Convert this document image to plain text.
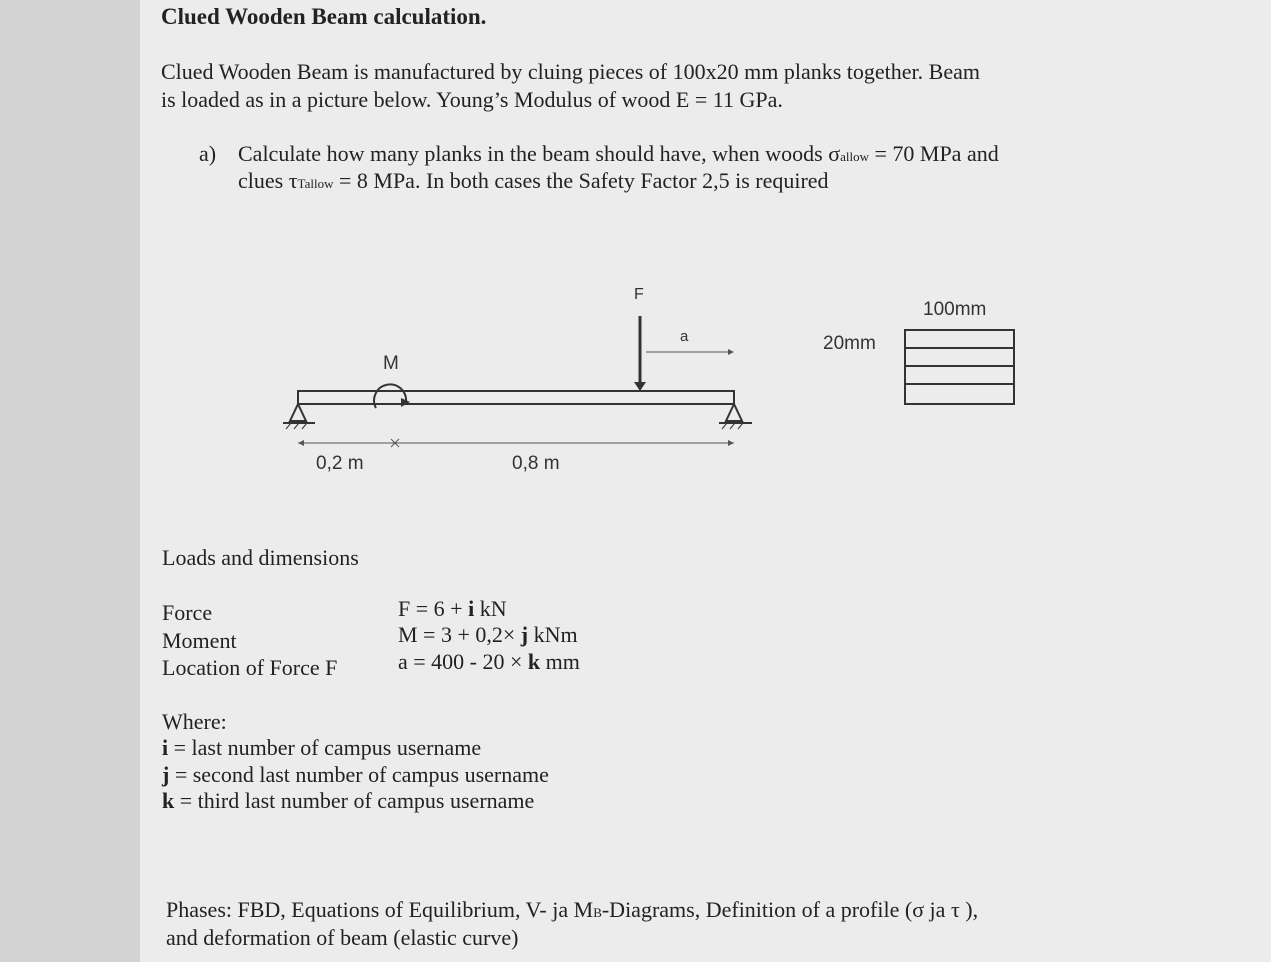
Clued Wooden Beam calculation.
Clued Wooden Beam is manufactured by cluing pieces of 100x20 mm planks together. Beam
is loaded as in a picture below. Young’s Modulus of wood E = 11 GPa.
a) Calculate how many planks in the beam should have, when woods σallow = 70 MPa and
clues τTallow = 8 MPa. In both cases the Safety Factor 2,5 is required
F
M
a
0,2 m	0,8 m
100mm
20mm
Loads and dimensions
Force	F = 6 + i kN
Moment	M = 3 + 0,2× j kNm
Location of Force F	a = 400 - 20 × k mm
Where:
i = last number of campus username
j = second last number of campus username
k = third last number of campus username
Phases: FBD, Equations of Equilibrium, V- ja MB-Diagrams, Definition of a profile (σ ja τ ),
and deformation of beam (elastic curve)
